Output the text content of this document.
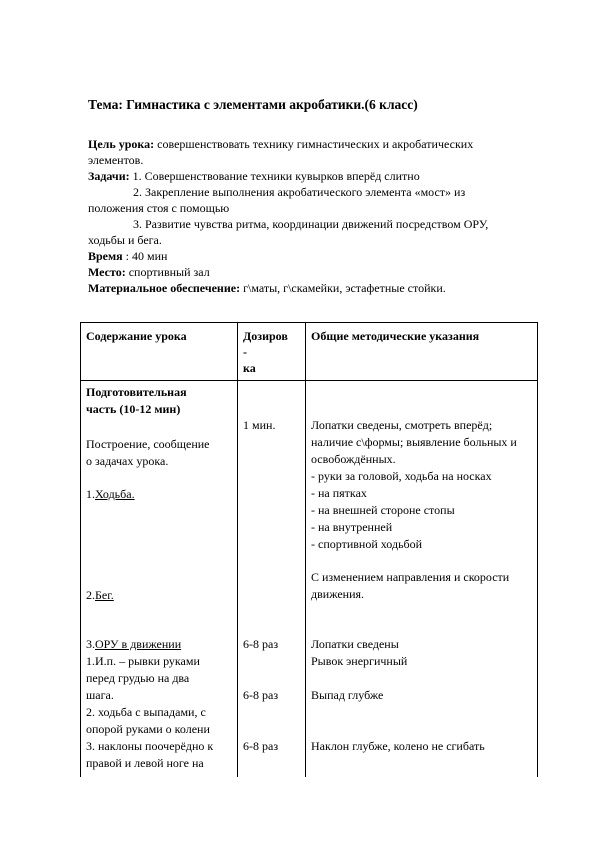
Тема: Гимнастика с элементами акробатики.(6 класс)
Цель урока: совершенствовать технику гимнастических и акробатических
элементов.
Задачи: 1. Совершенствование техники кувырков вперёд слитно
2. Закрепление выполнения акробатического элемента «мост» из
положения стоя с помощью
3. Развитие чувства ритма, координации движений посредством ОРУ,
ходьбы и бега.
Время : 40 мин
Место: спортивный зал
Материальное обеспечение: г\маты, г\скамейки, эстафетные стойки.
Содержание урока	Дозиров
-
ка
Общие методические указания
Подготовительная
часть (10-12 мин)
Построение, сообщение
о задачах урока.
1.Ходьба.
2.Бег.
3.ОРУ в движении
1.И.п. – рывки руками
перед грудью на два
шага.
2. ходьба с выпадами, с
опорой руками о колени
3. наклоны поочерёдно к
правой и левой ноге на
1 мин.
6-8 раз
6-8 раз
6-8 раз
Лопатки сведены, смотреть вперёд;
наличие с\формы; выявление больных и
освобождённых.
- руки за головой, ходьба на носках
- на пятках
- на внешней стороне стопы
- на внутренней
- спортивной ходьбой
С изменением направления и скорости
движения.
Лопатки сведены
Рывок энергичный
Выпад глубже
Наклон глубже, колено не сгибать
